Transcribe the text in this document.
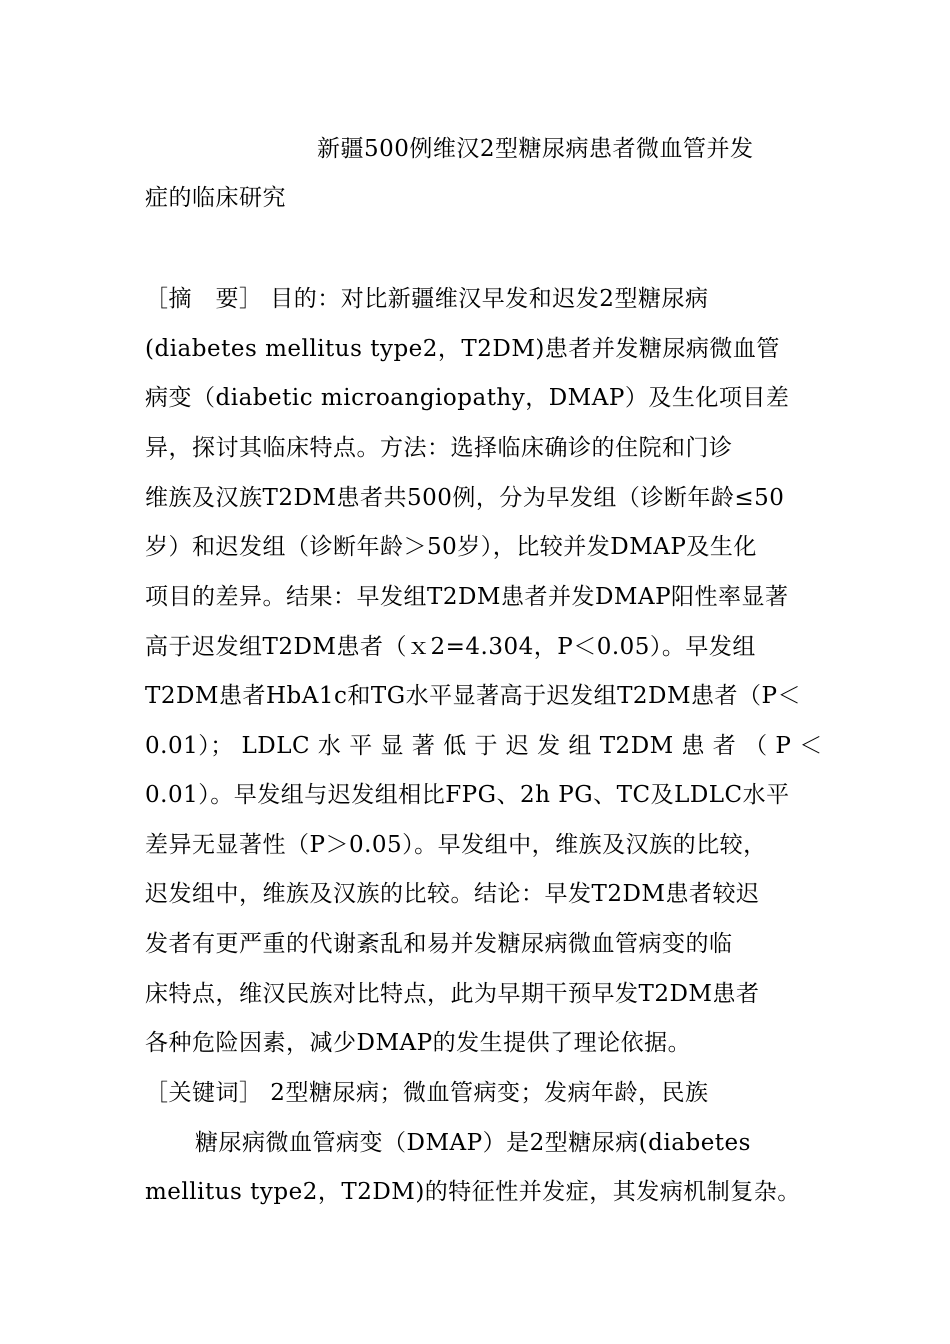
新疆500例维汉2型糖尿病患者微血管并发
症的临床研究
［摘　要］ 目的：对比新疆维汉早发和迟发2型糖尿病
(diabetes mellitus type2，T2DM)患者并发糖尿病微血管
病变（diabetic microangiopathy，DMAP）及生化项目差
异，探讨其临床特点。方法：选择临床确诊的住院和门诊
维族及汉族T2DM患者共500例，分为早发组（诊断年龄≤50
岁）和迟发组（诊断年龄＞50岁），比较并发DMAP及生化
项目的差异。结果：早发组T2DM患者并发DMAP阳性率显著
高于迟发组T2DM患者（ｘ2=4.304，P＜0.05）。早发组
T2DM患者HbA1c和TG水平显著高于迟发组T2DM患者（P＜
0.01）； LDLC 水 平 显 著 低 于 迟 发 组 T2DM 患 者 （ P ＜
0.01）。早发组与迟发组相比FPG、2h PG、TC及LDLC水平
差异无显著性（P＞0.05）。早发组中，维族及汉族的比较，
迟发组中，维族及汉族的比较。结论：早发T2DM患者较迟
发者有更严重的代谢紊乱和易并发糖尿病微血管病变的临
床特点，维汉民族对比特点，此为早期干预早发T2DM患者
各种危险因素，减少DMAP的发生提供了理论依据。
［关键词］ 2型糖尿病；微血管病变；发病年龄，民族
糖尿病微血管病变（DMAP）是2型糖尿病(diabetes
mellitus type2，T2DM)的特征性并发症，其发病机制复杂。
